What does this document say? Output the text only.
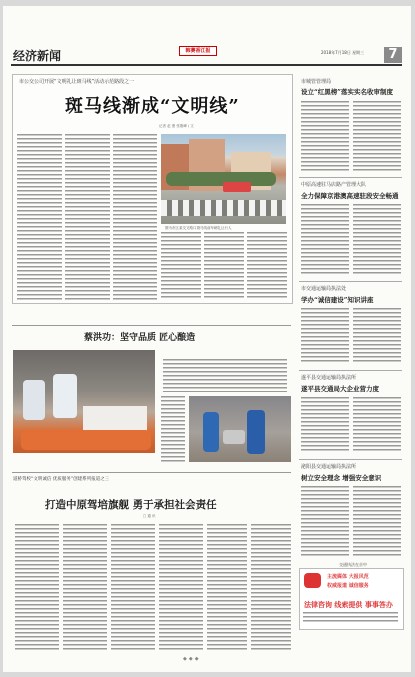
经济新闻	韩赛香江报	2018年7月18日 星期三	7
市公交公司开展“文明礼让斑马线”活动示范路段之一
斑马线渐成“文明线”
记者 赵 蕾 张刚峰 / 文
图为市区某交叉路口斑马线前车辆礼让行人
蔡洪功：坚守品质 匠心酿造
道桥驾校“文明诚信 优质服务”创建系列报道之三
打造中原驾培旗舰 勇于承担社会责任
□ 通 讯
市城管管理局
设立“红黑榜”落实实名收审制度
中原高速驻马店路产管理大队
全力保障京港澳高速驻段安全畅通
市交通运输局执法处
学办“诚信建设”知识讲座
遂平县交通运输局执法所
遂平县交通局大企业营力度
泌阳县交通运输局执法所
树立安全理念 增强安全意识
交通执法在京中
主流媒体 大报风范
权威报道 诚信服务
法律咨询 线索提供 事事答办
◆◆◆
